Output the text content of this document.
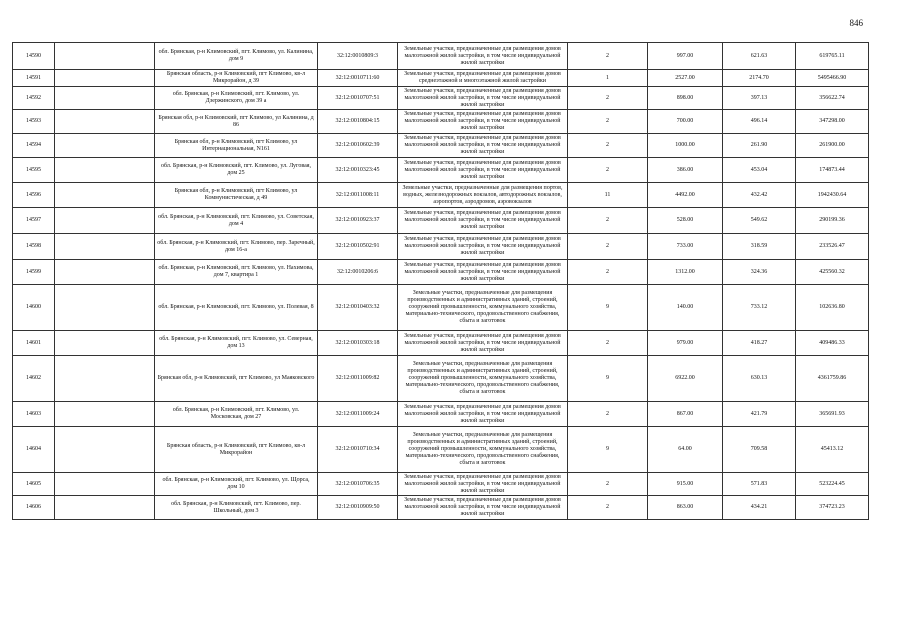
846
14590		обл. Брянская, р-н Климовский, пгт. Климово, ул. Калинина, дом 9	32:12:0010809:3	Земельные участки, предназначенные для размещения домов малоэтажной жилой застройки, в том числе индивидуальной жилой застройки	2	997.00	621.63	619765.11
14591		Брянская область, р-н Климовский, пгт Климово, кв-л Микрорайон, д 39	32:12:0010711:60	Земельные участки, предназначенные для размещения домов среднеэтажной и многоэтажной жилой застройки	1	2527.00	2174.70	5495466.90
14592		обл. Брянская, р-н Климовский, пгт. Климово, ул. Дзержинского, дом 39 а	32:12:0010707:51	Земельные участки, предназначенные для размещения домов малоэтажной жилой застройки, в том числе индивидуальной жилой застройки	2	898.00	397.13	356622.74
14593		Брянская обл, р-н Климовский, пгт Климово, ул Калинина, д 86	32:12:0010804:15	Земельные участки, предназначенные для размещения домов малоэтажной жилой застройки, в том числе индивидуальной жилой застройки	2	700.00	496.14	347298.00
14594		Брянская обл, р-н Климовский, пгт Климово, ул Интернациональная, N161	32:12:0010602:39	Земельные участки, предназначенные для размещения домов малоэтажной жилой застройки, в том числе индивидуальной жилой застройки	2	1000.00	261.90	261900.00
14595		обл. Брянская, р-н Климовский, пгт. Климово, ул. Луговая, дом 25	32:12:0010323:45	Земельные участки, предназначенные для размещения домов малоэтажной жилой застройки, в том числе индивидуальной жилой застройки	2	386.00	453.04	174873.44
14596		Брянская обл, р-н Климовский, пгт Климово, ул Коммунистическая, д 49	32:12:0011008:11	Земельные участки, предназначенные для размещения портов, водных, железнодорожных вокзалов, автодорожных вокзалов, аэропортов, аэродромов, аэровокзалов	11	4492.00	432.42	1942430.64
14597		обл. Брянская, р-н Климовский, пгт. Климово, ул. Советская, дом 4	32:12:0010923:37	Земельные участки, предназначенные для размещения домов малоэтажной жилой застройки, в том числе индивидуальной жилой застройки	2	528.00	549.62	290199.36
14598		обл. Брянская, р-н Климовский, пгт. Климово, пер. Заречный, дом 16-а	32:12:0010502:91	Земельные участки, предназначенные для размещения домов малоэтажной жилой застройки, в том числе индивидуальной жилой застройки	2	733.00	318.59	233526.47
14599		обл. Брянская, р-н Климовский, пгт. Климово, ул. Нахимова, дом 7, квартира 1	32:12:0010206:6	Земельные участки, предназначенные для размещения домов малоэтажной жилой застройки, в том числе индивидуальной жилой застройки	2	1312.00	324.36	425560.32
14600		обл. Брянская, р-н Климовский, пгт. Климово, ул. Полевая, 8	32:12:0010403:32	Земельные участки, предназначенные для размещения производственных и административных зданий, строений, сооружений промышленности, коммунального хозяйства, материально-технического, продовольственного снабжения, сбыта и заготовок	9	140.00	733.12	102636.80
14601		обл. Брянская, р-н Климовский, пгт. Климово, ул. Северная, дом 13	32:12:0010303:18	Земельные участки, предназначенные для размещения домов малоэтажной жилой застройки, в том числе индивидуальной жилой застройки	2	979.00	418.27	409486.33
14602		Брянская обл, р-н Климовский, пгт Климово, ул Маяковского	32:12:0011009:82	Земельные участки, предназначенные для размещения производственных и административных зданий, строений, сооружений промышленности, коммунального хозяйства, материально-технического, продовольственного снабжения, сбыта и заготовок	9	6922.00	630.13	4361759.86
14603		обл. Брянская, р-н Климовский, пгт. Климово, ул. Московская, дом 27	32:12:0011009:24	Земельные участки, предназначенные для размещения домов малоэтажной жилой застройки, в том числе индивидуальной жилой застройки	2	867.00	421.79	365691.93
14604		Брянская область, р-н Климовский, пгт Климово, кв-л Микрорайон	32:12:0010710:34	Земельные участки, предназначенные для размещения производственных и административных зданий, строений, сооружений промышленности, коммунального хозяйства, материально-технического, продовольственного снабжения, сбыта и заготовок	9	64.00	709.58	45413.12
14605		обл. Брянская, р-н Климовский, пгт. Климово, ул. Щорса, дом 10	32:12:0010706:35	Земельные участки, предназначенные для размещения домов малоэтажной жилой застройки, в том числе индивидуальной жилой застройки	2	915.00	571.83	523224.45
14606		обл. Брянская, р-н Климовский, пгт. Климово, пер. Школьный, дом 3	32:12:0010909:50	Земельные участки, предназначенные для размещения домов малоэтажной жилой застройки, в том числе индивидуальной жилой застройки	2	863.00	434.21	374723.23
